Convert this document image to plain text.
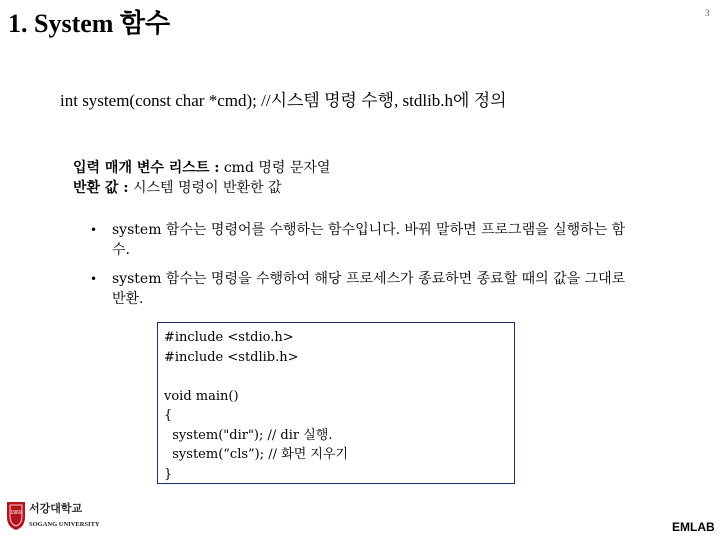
1. System 함수	3
int system(const char *cmd); //시스템 명령 수행, stdlib.h에 정의
입력 매개 변수 리스트 : cmd 명령 문자열
반환 값 : 시스템 명령이 반환한 값
•	system 함수는 명령어를 수행하는 함수입니다. 바꿔 말하면 프로그램을 실행하는 함수.
•	system 함수는 명령을 수행하여 해당 프로세스가 종료하면 종료할 때의 값을 그대로 반환.
#include <stdio.h>
#include <stdlib.h>
void main()
{
system("dir"); // dir 실행.
system(“cls”); // 화면 지우기
}
1960 서강대학교
SOGANG UNIVERSITY	EMLAB
